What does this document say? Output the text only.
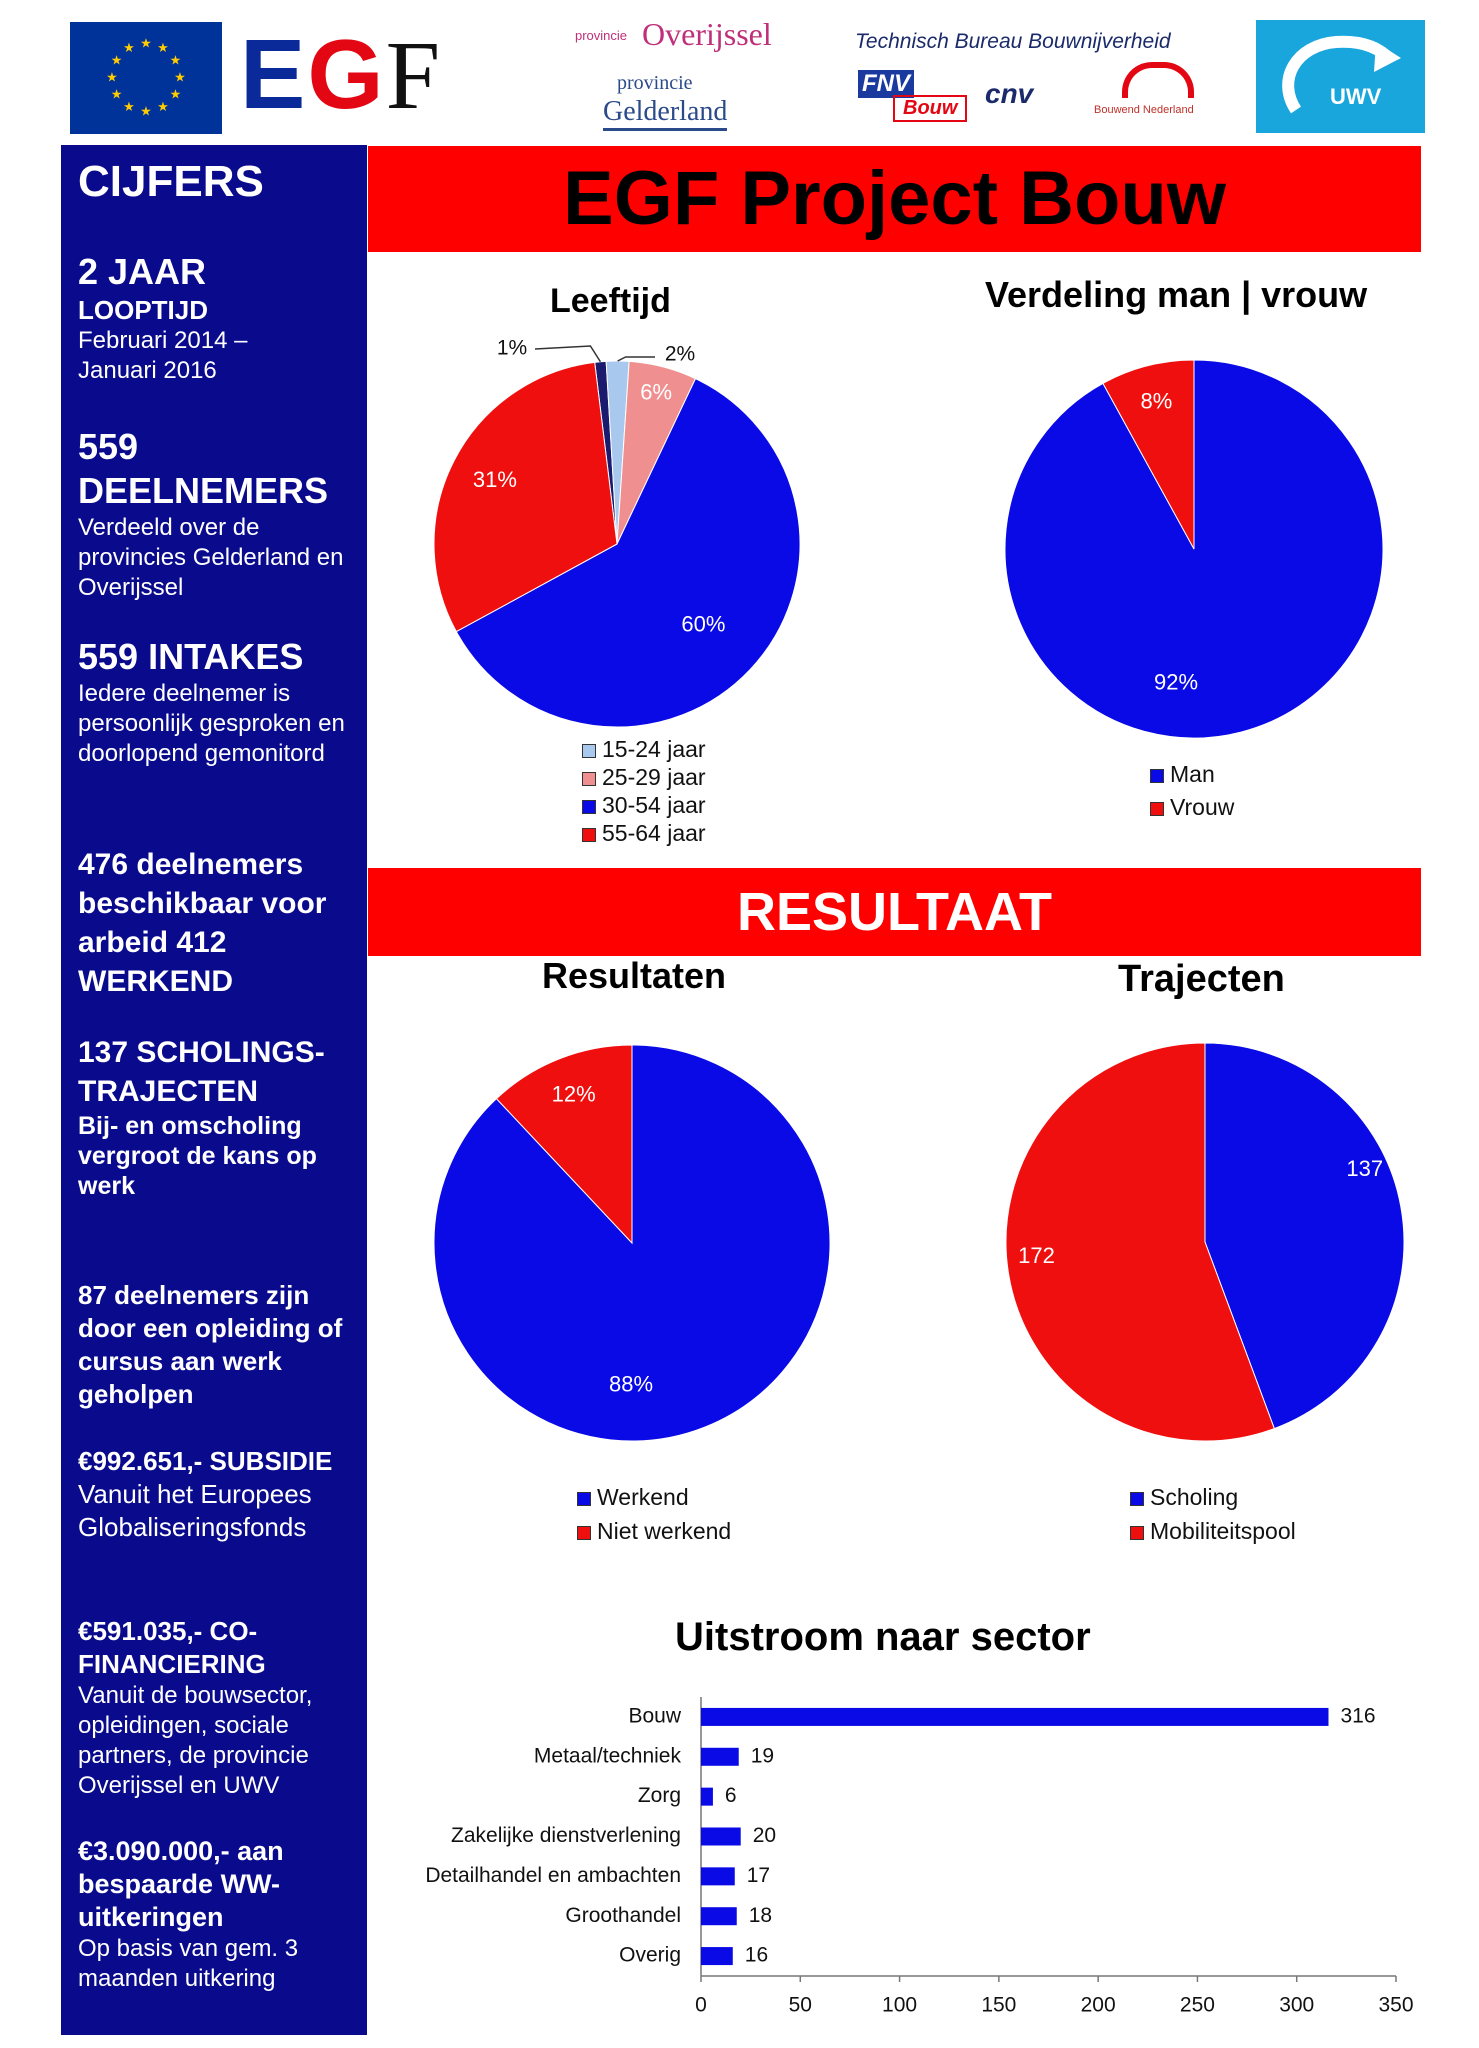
★ ★
★
★
★
★
★
★
★
★
★
★ EGF	provincie Overijssel
provincie
Gelderland
Technisch Bureau Bouwnijverheid
FNV
Bouw cnv
Bouwend Nederland
UWV
CIJFERS
2 JAAR
LOOPTIJD
Februari 2014 – Januari 2016
559 DEELNEMERS
Verdeeld over de provincies Gelderland en Overijssel
559 INTAKES
Iedere deelnemer is persoonlijk gesproken en doorlopend gemonitord
476 deelnemers beschikbaar voor arbeid 412 WERKEND
137 SCHOLINGS-TRAJECTEN
Bij- en omscholing vergroot de kans op werk
87 deelnemers zijn door een opleiding of cursus aan werk geholpen
€992.651,- SUBSIDIE
Vanuit het Europees Globaliseringsfonds
€591.035,- CO-FINANCIERING
Vanuit de bouwsector, opleidingen, sociale partners, de provincie Overijssel en UWV
€3.090.000,- aan bespaarde WW-uitkeringen
Op basis van gem. 3 maanden uitkering
EGF Project Bouw
RESULTAAT
Leeftijd	Verdeling man | vrouw
Resultaten	Trajecten
Uitstroom naar sector
1%	2%
6%
60%
31%
92%
8%
88%
12%
137
172
0	50	100	150	200	250	300	350
Bouw	316
Metaal/techniek	19
Zorg 6
Zakelijke dienstverlening	20
Detailhandel en ambachten	17
Groothandel	18
Overig	16
15-24 jaar
25-29 jaar
30-54 jaar
55-64 jaar
Man
Vrouw
Werkend
Niet werkend
Scholing
Mobiliteitspool
